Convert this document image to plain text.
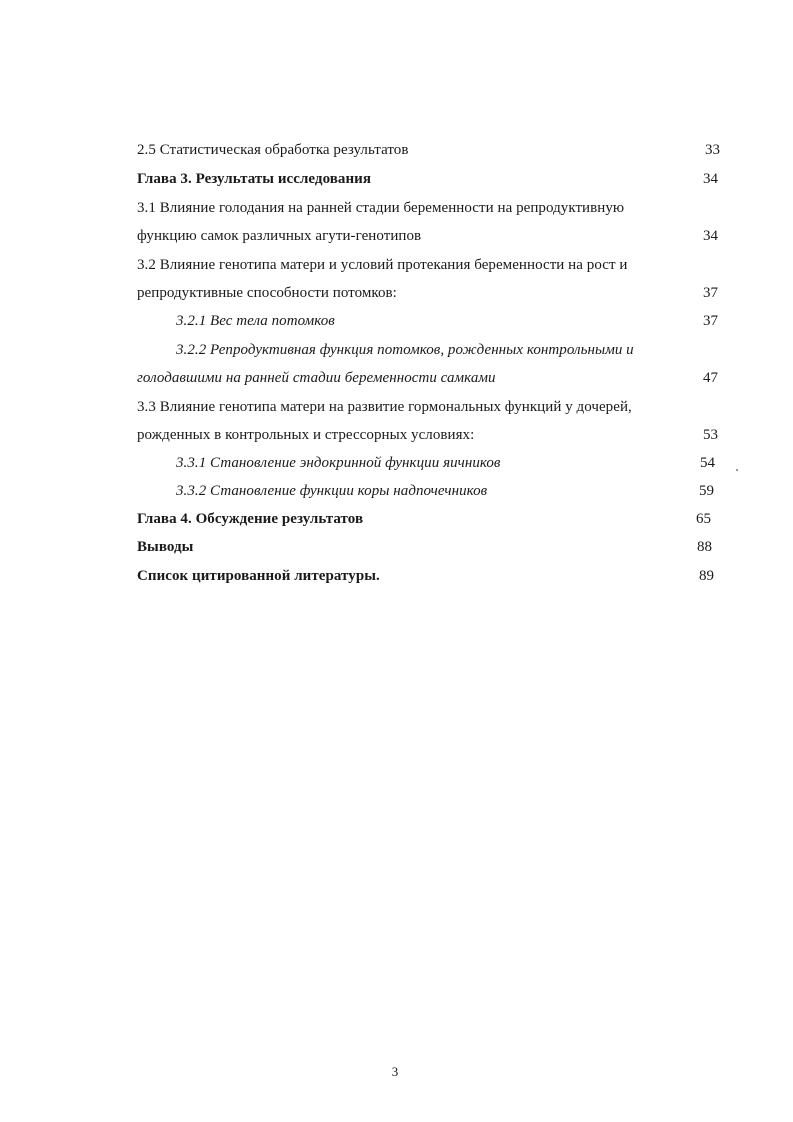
2.5 Статистическая обработка результатов	33
Глава 3. Результаты исследования	34
3.1 Влияние голодания на ранней стадии беременности на репродуктивную
функцию самок различных агути-генотипов	34
3.2 Влияние генотипа матери и условий протекания беременности на рост и
репродуктивные способности потомков:	37
3.2.1 Вес тела потомков	37
3.2.2 Репродуктивная функция потомков, рожденных контрольными и
голодавшими на ранней стадии беременности самками	47
3.3 Влияние генотипа матери на развитие гормональных функций у дочерей,
рожденных в контрольных и стрессорных условиях:	53
3.3.1 Становление эндокринной функции яичников	54
3.3.2 Становление функции коры надпочечников	59
Глава 4. Обсуждение результатов	65
Выводы	88
Список цитированной литературы.	89
3
